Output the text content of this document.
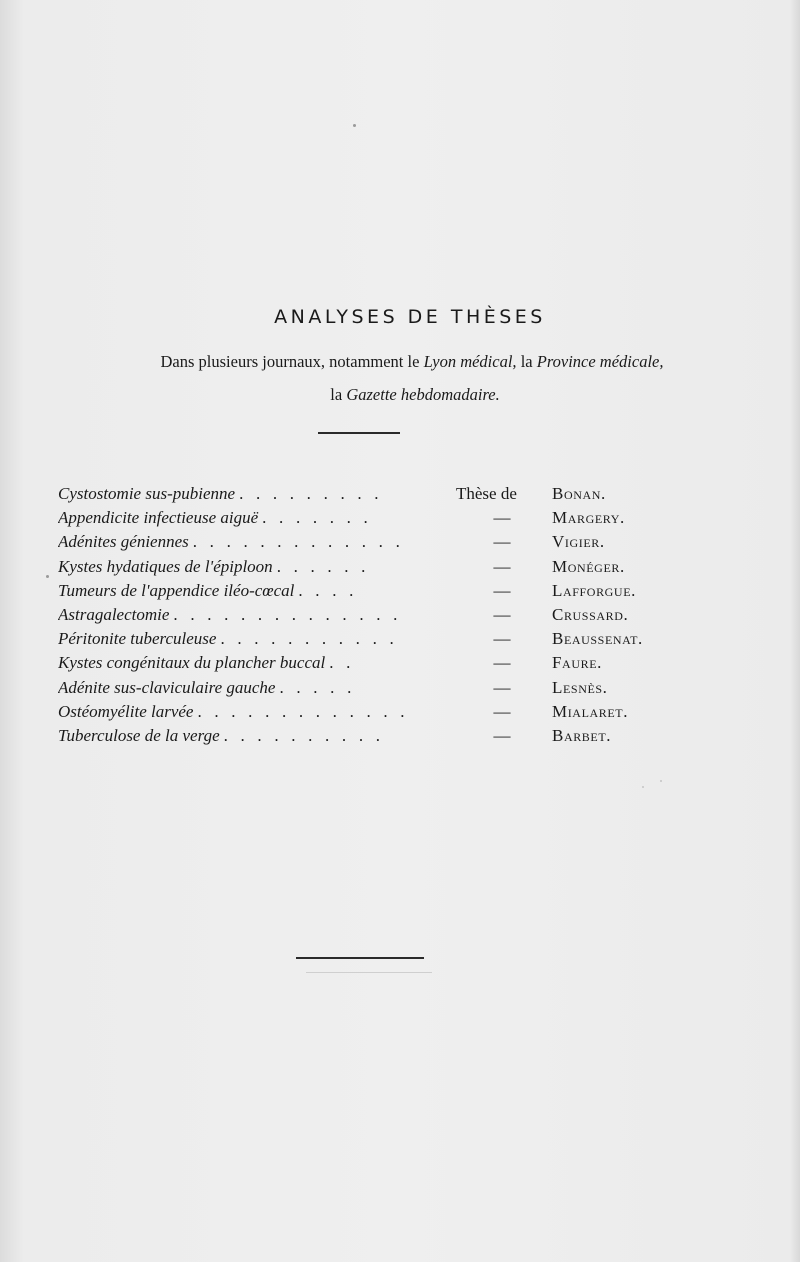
ANALYSES DE THÈSES
Dans plusieurs journaux, notamment le Lyon médical, la Province médicale,
la Gazette hebdomadaire.
Cystostomie sus-pubienne . . . . . . . . .	Thèse de Bonan.
Appendicite infectieuse aiguë . . . . . . .	—	Margery.
Adénites géniennes . . . . . . . . . . . . .	—	Vigier.
Kystes hydatiques de l'épiploon . . . . . .	—	Monéger.
Tumeurs de l'appendice iléo-cœcal . . . .	—	Lafforgue.
Astragalectomie . . . . . . . . . . . . . .	—	Crussard.
Péritonite tuberculeuse . . . . . . . . . . .	—	Beaussenat.
Kystes congénitaux du plancher buccal . .	—	Faure.
Adénite sus-claviculaire gauche . . . . .	—	Lesnès.
Ostéomyélite larvée . . . . . . . . . . . . .	—	Mialaret.
Tuberculose de la verge . . . . . . . . . .	—	Barbet.
